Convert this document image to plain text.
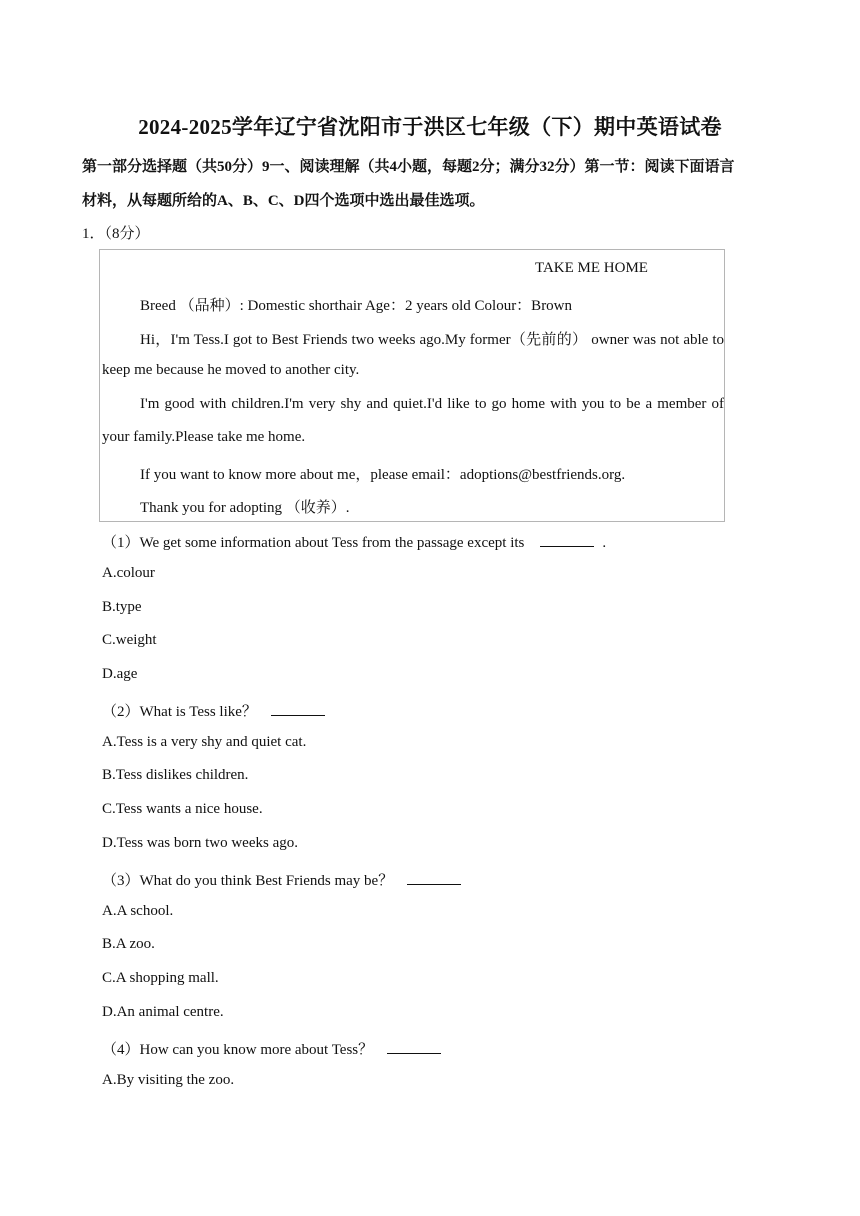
2024-2025学年辽宁省沈阳市于洪区七年级（下）期中英语试卷
第一部分选择题（共50分）9一、阅读理解（共4小题，每题2分；满分32分）第一节：阅读下面语言
材料，从每题所给的A、B、C、D四个选项中选出最佳选项。
1．（8分）
TAKE ME HOME
Breed （品种）: Domestic shorthair Age：2 years old Colour：Brown
Hi，I'm Tess.I got to Best Friends two weeks ago.My former（先前的） owner was not able to
keep me because he moved to another city.
I'm good with children.I'm very shy and quiet.I'd like to go home with you to be a member of
your family.Please take me home.
If you want to know more about me，please email：adoptions@bestfriends.org.
Thank you for adopting （收养）.
（1）We get some information about Tess from the passage except its	.
A.colour
B.type
C.weight
D.age
（2）What is Tess like？
A.Tess is a very shy and quiet cat.
B.Tess dislikes children.
C.Tess wants a nice house.
D.Tess was born two weeks ago.
（3）What do you think Best Friends may be？
A.A school.
B.A zoo.
C.A shopping mall.
D.An animal centre.
（4）How can you know more about Tess？
A.By visiting the zoo.
